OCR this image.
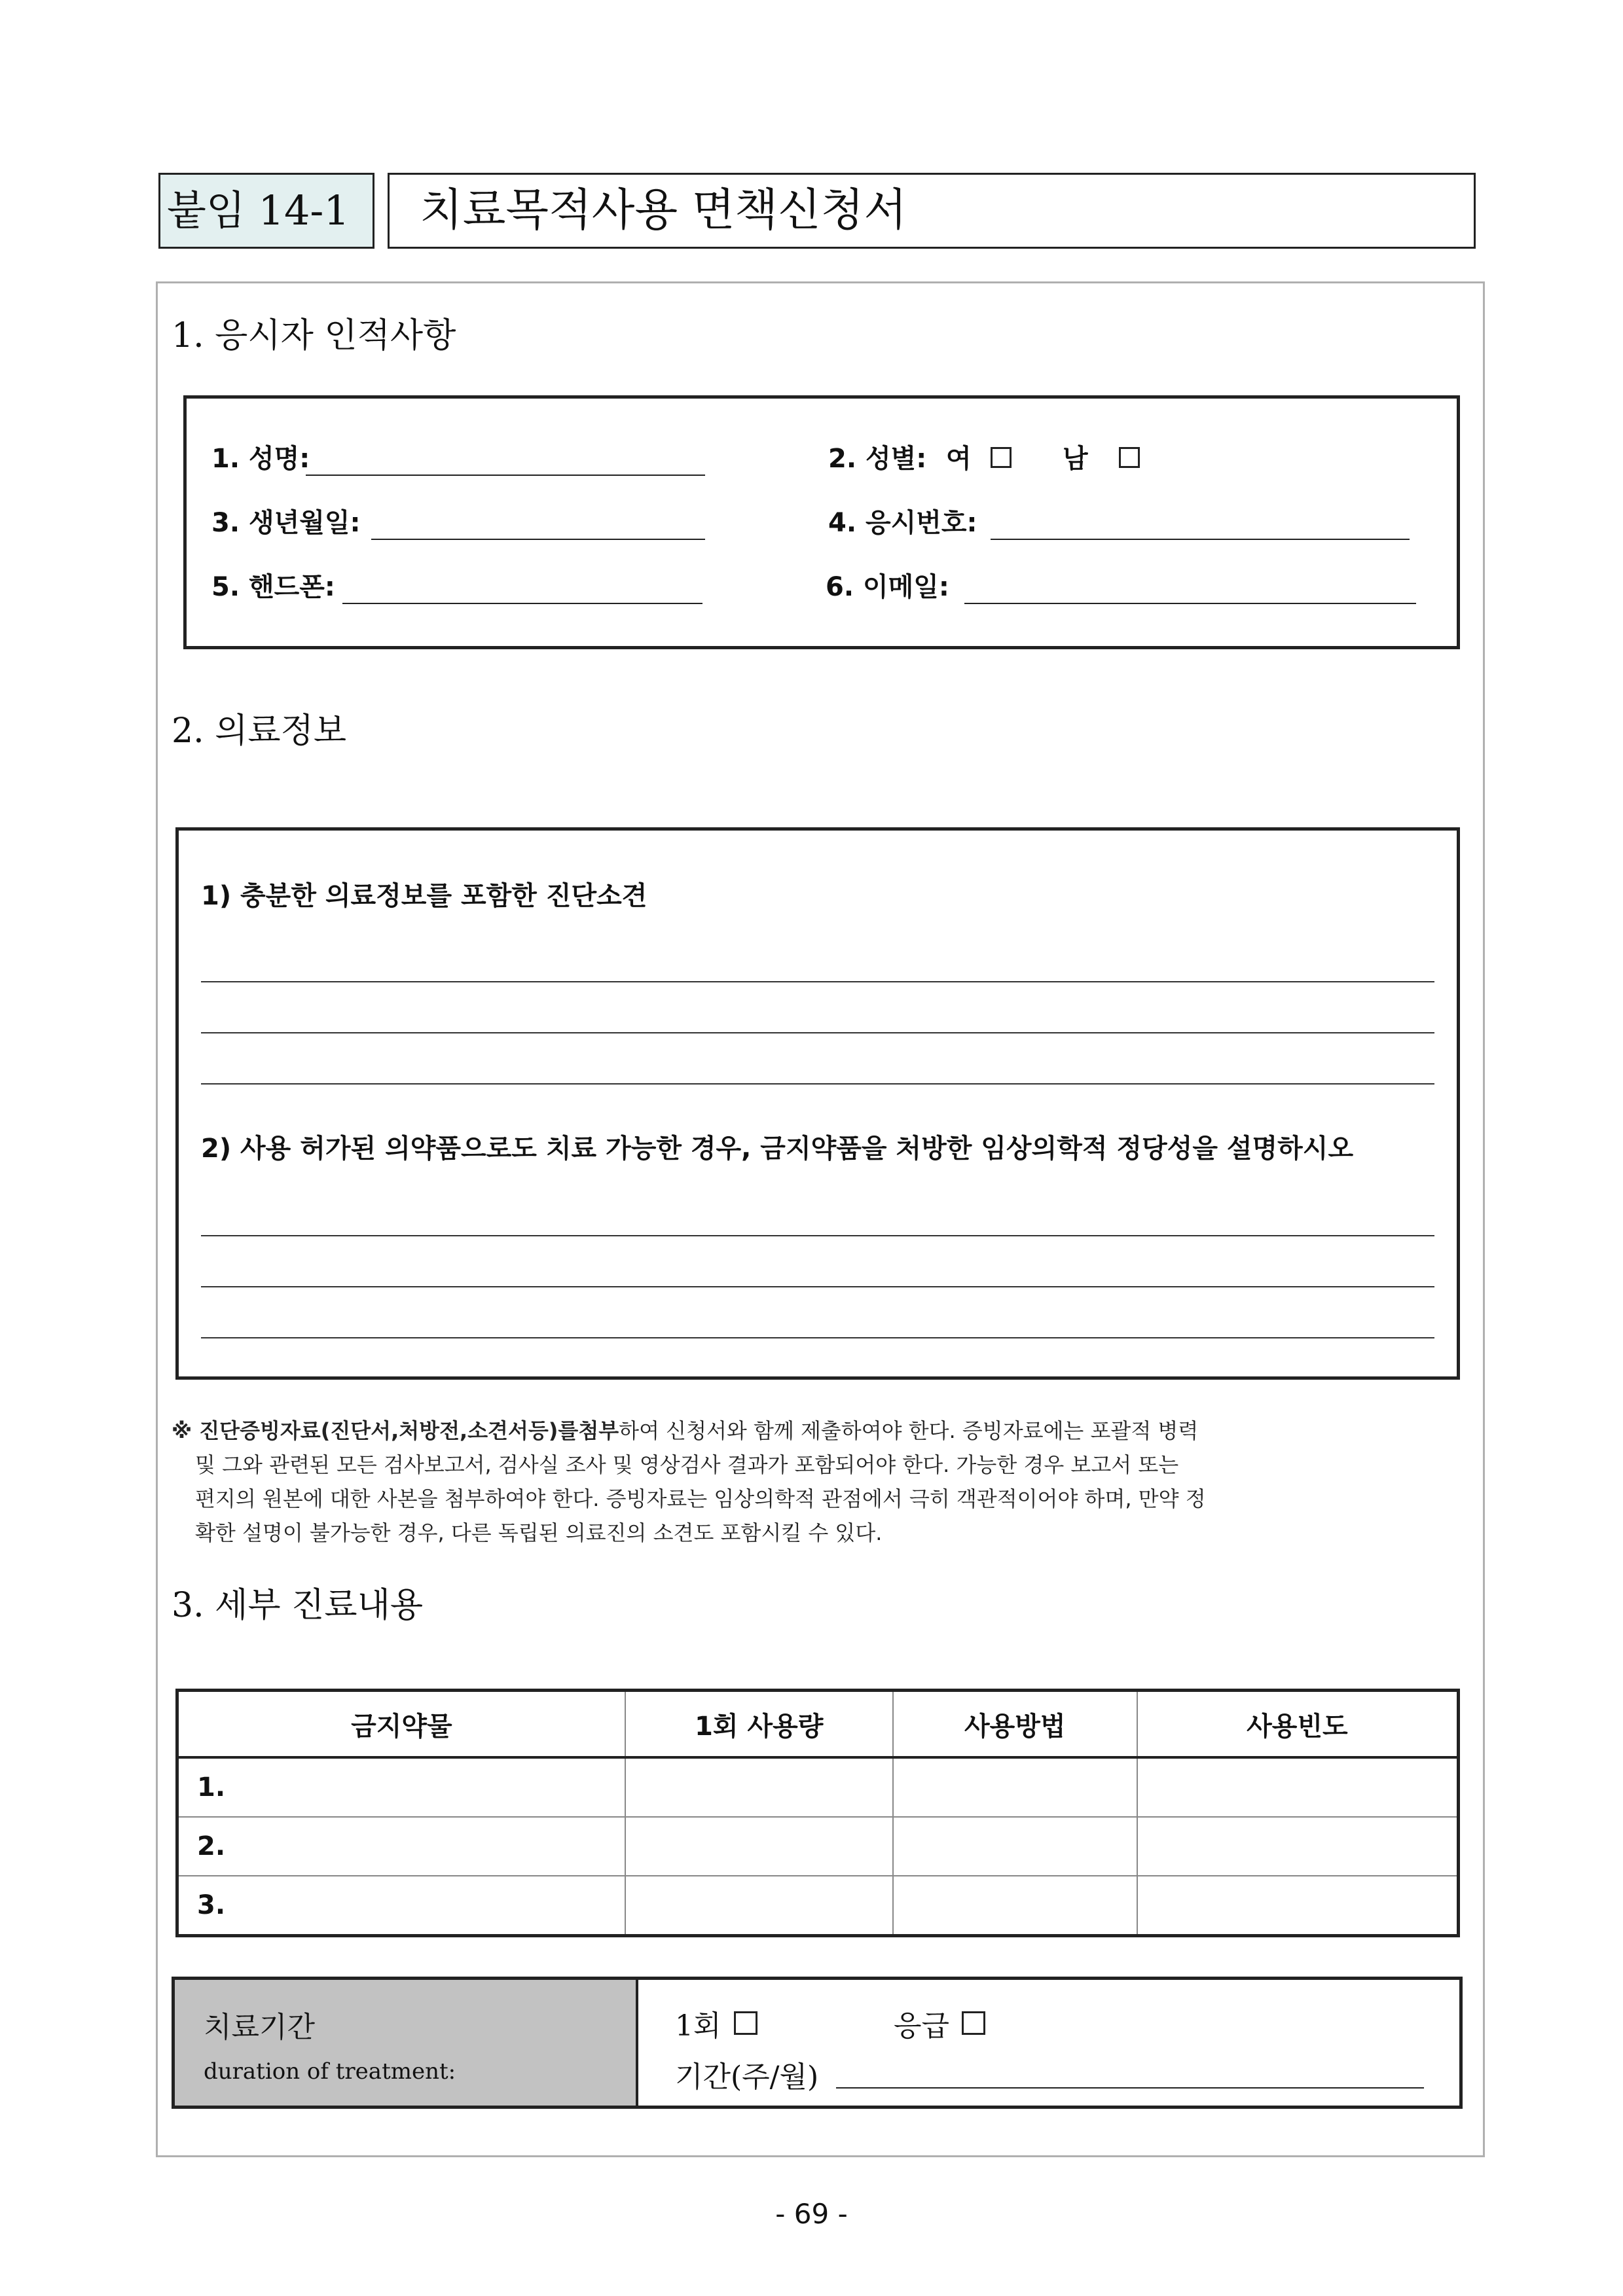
붙임 14-1	치료목적사용 면책신청서
1. 응시자 인적사항
1. 성명:	2. 성별: 여	남
3. 생년월일:	4. 응시번호:
5. 핸드폰:	6. 이메일:
2. 의료정보
1) 충분한 의료정보를 포함한 진단소견
2) 사용 허가된 의약품으로도 치료 가능한 경우, 금지약품을 처방한 임상의학적 정당성을 설명하시오
※ 진단증빙자료(진단서,처방전,소견서등)를첨부하여 신청서와 함께 제출하여야 한다. 증빙자료에는 포괄적 병력
및 그와 관련된 모든 검사보고서, 검사실 조사 및 영상검사 결과가 포함되어야 한다. 가능한 경우 보고서 또는
편지의 원본에 대한 사본을 첨부하여야 한다. 증빙자료는 임상의학적 관점에서 극히 객관적이어야 하며, 만약 정
확한 설명이 불가능한 경우, 다른 독립된 의료진의 소견도 포함시킬 수 있다.
3. 세부 진료내용
금지약물	1회 사용량	사용방법	사용빈도
1.			
2.			
3.			
치료기간
duration of treatment:
1회	응급
기간(주/월)
- 69 -
